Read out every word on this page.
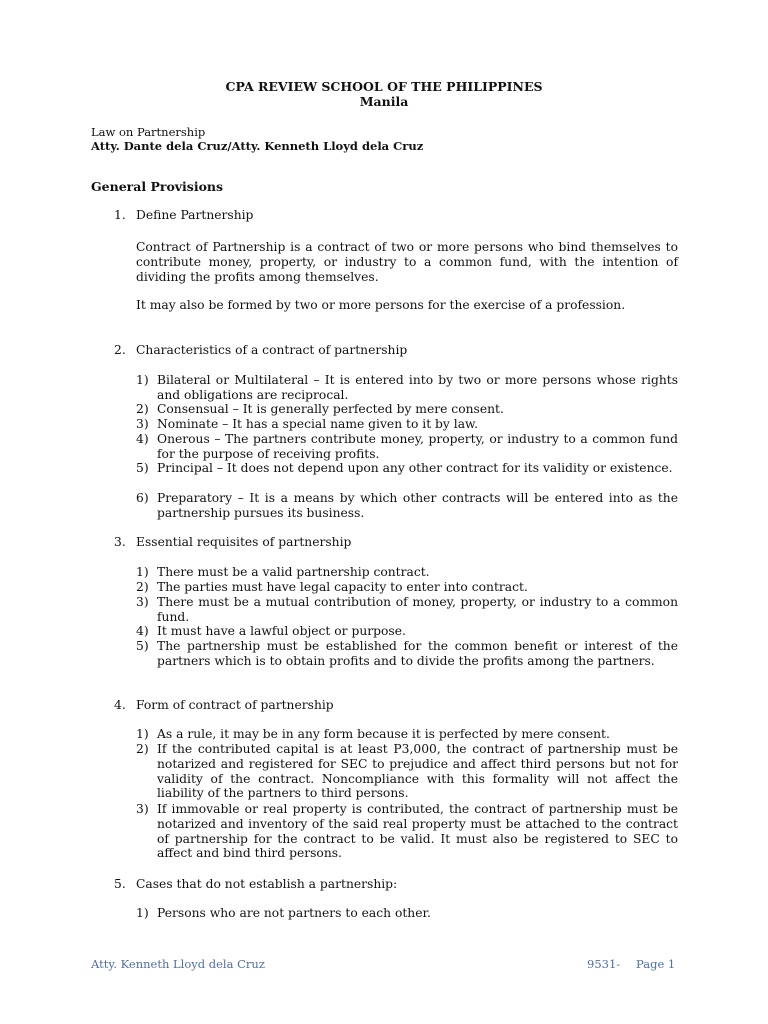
CPA REVIEW SCHOOL OF THE PHILIPPINES
Manila
Law on Partnership
Atty. Dante dela Cruz/Atty. Kenneth Lloyd dela Cruz
General Provisions
1. Define Partnership
Contract of Partnership is a contract of two or more persons who bind themselves to contribute money, property, or industry to a common fund, with the intention of dividing the profits among themselves.
It may also be formed by two or more persons for the exercise of a profession.
2. Characteristics of a contract of partnership
1) Bilateral or Multilateral – It is entered into by two or more persons whose rights and obligations are reciprocal.
2) Consensual – It is generally perfected by mere consent.
3) Nominate – It has a special name given to it by law.
4) Onerous – The partners contribute money, property, or industry to a common fund for the purpose of receiving profits.
5) Principal – It does not depend upon any other contract for its validity or existence.
6) Preparatory – It is a means by which other contracts will be entered into as the partnership pursues its business.
3. Essential requisites of partnership
1) There must be a valid partnership contract.
2) The parties must have legal capacity to enter into contract.
3) There must be a mutual contribution of money, property, or industry to a common fund.
4) It must have a lawful object or purpose.
5) The partnership must be established for the common benefit or interest of the partners which is to obtain profits and to divide the profits among the partners.
4. Form of contract of partnership
1) As a rule, it may be in any form because it is perfected by mere consent.
2) If the contributed capital is at least P3,000, the contract of partnership must be notarized and registered for SEC to prejudice and affect third persons but not for validity of the contract. Noncompliance with this formality will not affect the liability of the partners to third persons.
3) If immovable or real property is contributed, the contract of partnership must be notarized and inventory of the said real property must be attached to the contract of partnership for the contract to be valid. It must also be registered to SEC to affect and bind third persons.
5. Cases that do not establish a partnership:
1) Persons who are not partners to each other.
Atty. Kenneth Lloyd dela Cruz	9531- Page 1
